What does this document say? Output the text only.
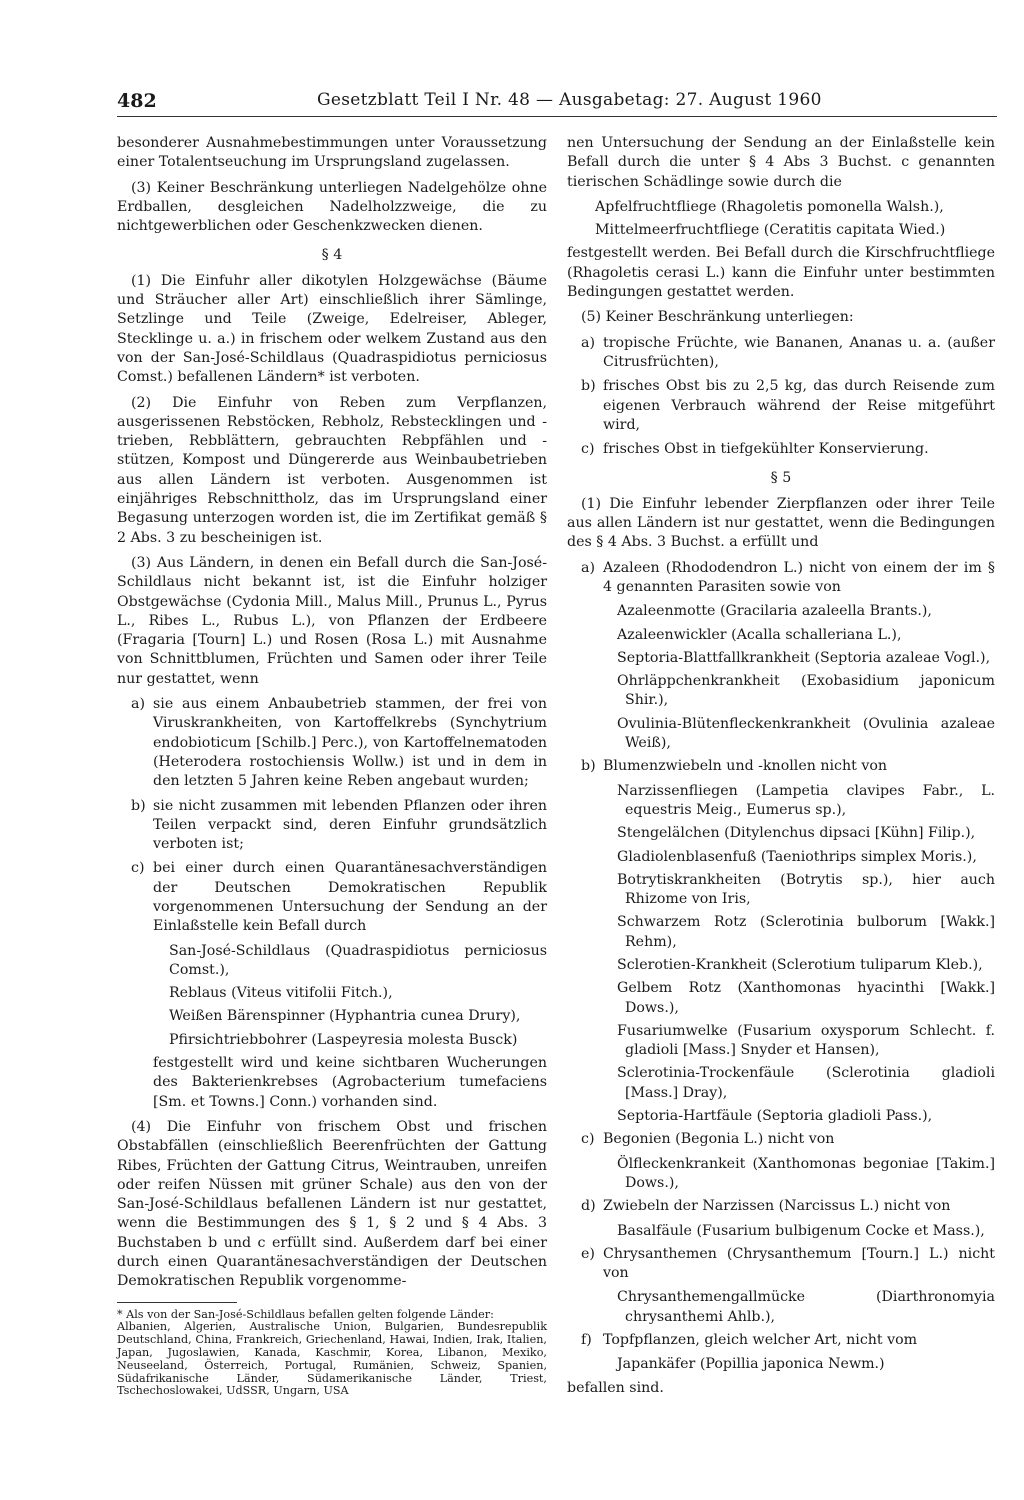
482	Gesetzblatt Teil I Nr. 48 — Ausgabetag: 27. August 1960

besonderer Ausnahmebestimmungen unter Voraussetzung einer Totalentseuchung im Ursprungsland zugelassen.

(3) Keiner Beschränkung unterliegen Nadelgehölze ohne Erdballen, desgleichen Nadelholzzweige, die zu nichtgewerblichen oder Geschenkzwecken dienen.

§ 4

(1) Die Einfuhr aller dikotylen Holzgewächse (Bäume und Sträucher aller Art) einschließlich ihrer Sämlinge, Setzlinge und Teile (Zweige, Edelreiser, Ableger, Stecklinge u. a.) in frischem oder welkem Zustand aus den von der San-José-Schildlaus (Quadraspidiotus perniciosus Comst.) befallenen Ländern* ist verboten.

(2) Die Einfuhr von Reben zum Verpflanzen, ausgerissenen Rebstöcken, Rebholz, Rebstecklingen und -trieben, Rebblättern, gebrauchten Rebpfählen und -stützen, Kompost und Düngererde aus Weinbaubetrieben aus allen Ländern ist verboten. Ausgenommen ist einjähriges Rebschnittholz, das im Ursprungsland einer Begasung unterzogen worden ist, die im Zertifikat gemäß § 2 Abs. 3 zu bescheinigen ist.

(3) Aus Ländern, in denen ein Befall durch die San-José-Schildlaus nicht bekannt ist, ist die Einfuhr holziger Obstgewächse (Cydonia Mill., Malus Mill., Prunus L., Pyrus L., Ribes L., Rubus L.), von Pflanzen der Erdbeere (Fragaria [Tourn] L.) und Rosen (Rosa L.) mit Ausnahme von Schnittblumen, Früchten und Samen oder ihrer Teile nur gestattet, wenn

a) sie aus einem Anbaubetrieb stammen, der frei von Viruskrankheiten, von Kartoffelkrebs (Synchytrium endobioticum [Schilb.] Perc.), von Kartoffelnematoden (Heterodera rostochiensis Wollw.) ist und in dem in den letzten 5 Jahren keine Reben angebaut wurden;
b) sie nicht zusammen mit lebenden Pflanzen oder ihren Teilen verpackt sind, deren Einfuhr grundsätzlich verboten ist;
c) bei einer durch einen Quarantänesachverständigen der Deutschen Demokratischen Republik vorgenommenen Untersuchung der Sendung an der Einlaßstelle kein Befall durch

San-José-Schildlaus (Quadraspidiotus perniciosus Comst.),

Reblaus (Viteus vitifolii Fitch.),

Weißen Bärenspinner (Hyphantria cunea Drury),

Pfirsichtriebbohrer (Laspeyresia molesta Busck)

festgestellt wird und keine sichtbaren Wucherungen des Bakterienkrebses (Agrobacterium tumefaciens [Sm. et Towns.] Conn.) vorhanden sind.

(4) Die Einfuhr von frischem Obst und frischen Obstabfällen (einschließlich Beerenfrüchten der Gattung Ribes, Früchten der Gattung Citrus, Weintrauben, unreifen oder reifen Nüssen mit grüner Schale) aus den von der San-José-Schildlaus befallenen Ländern ist nur gestattet, wenn die Bestimmungen des § 1, § 2 und § 4 Abs. 3 Buchstaben b und c erfüllt sind. Außerdem darf bei einer durch einen Quarantänesachverständigen der Deutschen Demokratischen Republik vorgenomme-

* Als von der San-José-Schildlaus befallen gelten folgende Länder:

Albanien, Algerien, Australische Union, Bulgarien, Bundesrepublik Deutschland, China, Frankreich, Griechenland, Hawai, Indien, Irak, Italien, Japan, Jugoslawien, Kanada, Kaschmir, Korea, Libanon, Mexiko, Neuseeland, Österreich, Portugal, Rumänien, Schweiz, Spanien, Südafrikanische Länder, Südamerikanische Länder, Triest, Tschechoslowakei, UdSSR, Ungarn, USA

nen Untersuchung der Sendung an der Einlaßstelle kein Befall durch die unter § 4 Abs 3 Buchst. c genannten tierischen Schädlinge sowie durch die

Apfelfruchtfliege (Rhagoletis pomonella Walsh.),

Mittelmeerfruchtfliege (Ceratitis capitata Wied.)

festgestellt werden. Bei Befall durch die Kirschfruchtfliege (Rhagoletis cerasi L.) kann die Einfuhr unter bestimmten Bedingungen gestattet werden.

(5) Keiner Beschränkung unterliegen:

a) tropische Früchte, wie Bananen, Ananas u. a. (außer Citrusfrüchten),
b) frisches Obst bis zu 2,5 kg, das durch Reisende zum eigenen Verbrauch während der Reise mitgeführt wird,
c) frisches Obst in tiefgekühlter Konservierung.
§ 5

(1) Die Einfuhr lebender Zierpflanzen oder ihrer Teile aus allen Ländern ist nur gestattet, wenn die Bedingungen des § 4 Abs. 3 Buchst. a erfüllt und

a) Azaleen (Rhododendron L.) nicht von einem der im § 4 genannten Parasiten sowie von

Azaleenmotte (Gracilaria azaleella Brants.),

Azaleenwickler (Acalla schalleriana L.),

Septoria-Blattfallkrankheit (Septoria azaleae Vogl.),

Ohrläppchenkrankheit (Exobasidium japonicum Shir.),

Ovulinia-Blütenfleckenkrankheit (Ovulinia azaleae Weiß),

b) Blumenzwiebeln und -knollen nicht von

Narzissenfliegen (Lampetia clavipes Fabr., L. equestris Meig., Eumerus sp.),

Stengelälchen (Ditylenchus dipsaci [Kühn] Filip.),

Gladiolenblasenfuß (Taeniothrips simplex Moris.),

Botrytiskrankheiten (Botrytis sp.), hier auch Rhizome von Iris,

Schwarzem Rotz (Sclerotinia bulborum [Wakk.] Rehm),

Sclerotien-Krankheit (Sclerotium tuliparum Kleb.),

Gelbem Rotz (Xanthomonas hyacinthi [Wakk.] Dows.),

Fusariumwelke (Fusarium oxysporum Schlecht. f. gladioli [Mass.] Snyder et Hansen),

Sclerotinia-Trockenfäule (Sclerotinia gladioli [Mass.] Dray),

Septoria-Hartfäule (Septoria gladioli Pass.),

c) Begonien (Begonia L.) nicht von

Ölfleckenkrankeit (Xanthomonas begoniae [Takim.] Dows.),

d) Zwiebeln der Narzissen (Narcissus L.) nicht von

Basalfäule (Fusarium bulbigenum Cocke et Mass.),

e) Chrysanthemen (Chrysanthemum [Tourn.] L.) nicht von

Chrysanthemengallmücke (Diarthronomyia chrysanthemi Ahlb.),

f) Topfpflanzen, gleich welcher Art, nicht vom

Japankäfer (Popillia japonica Newm.)

befallen sind.
